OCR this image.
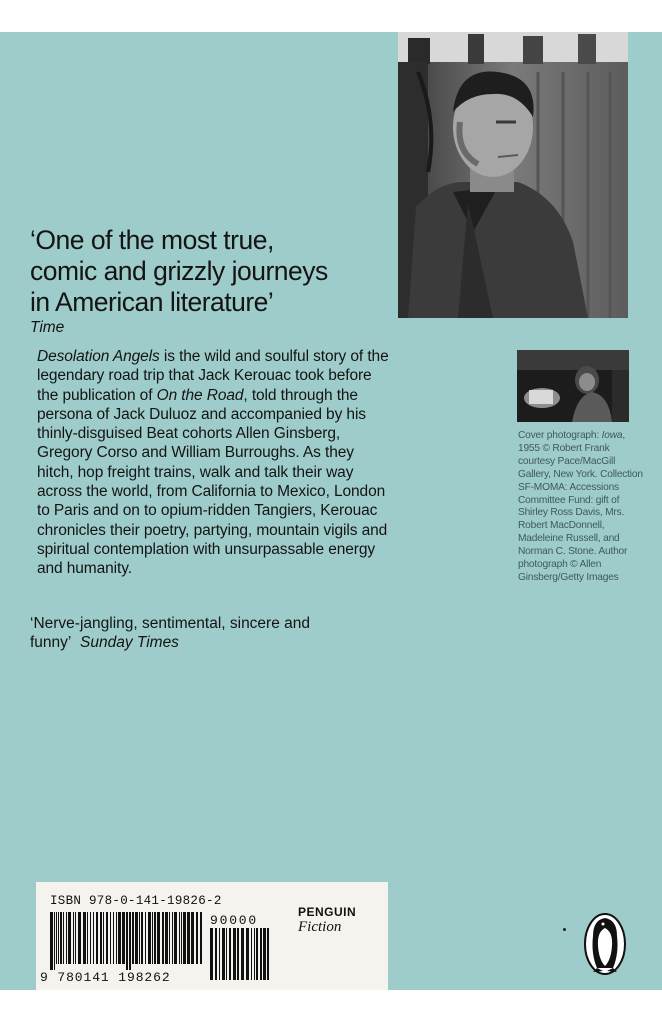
‘One of the most true,
comic and grizzly journeys
in American literature’
Time
Desolation Angels is the wild and soulful story of the legendary road trip that Jack Kerouac took before the publication of On the Road, told through the persona of Jack Duluoz and accompanied by his thinly-disguised Beat cohorts Allen Ginsberg, Gregory Corso and William Burroughs. As they hitch, hop freight trains, walk and talk their way across the world, from California to Mexico, London to Paris and on to opium-ridden Tangiers, Kerouac chronicles their poetry, partying, mountain vigils and spiritual contemplation with unsurpassable energy and humanity.
‘Nerve-jangling, sentimental, sincere and funny’ Sunday Times
Cover photograph: Iowa, 1955 © Robert Frank courtesy Pace/MacGill Gallery, New York. Collection SF-MOMA: Accessions Committee Fund: gift of Shirley Ross Davis, Mrs. Robert MacDonnell, Madeleine Russell, and Norman C. Stone. Author photograph © Allen Ginsberg/Getty Images
ISBN 978-0-141-19826-2
9 780141 198262
90000
PENGUIN
Fiction
